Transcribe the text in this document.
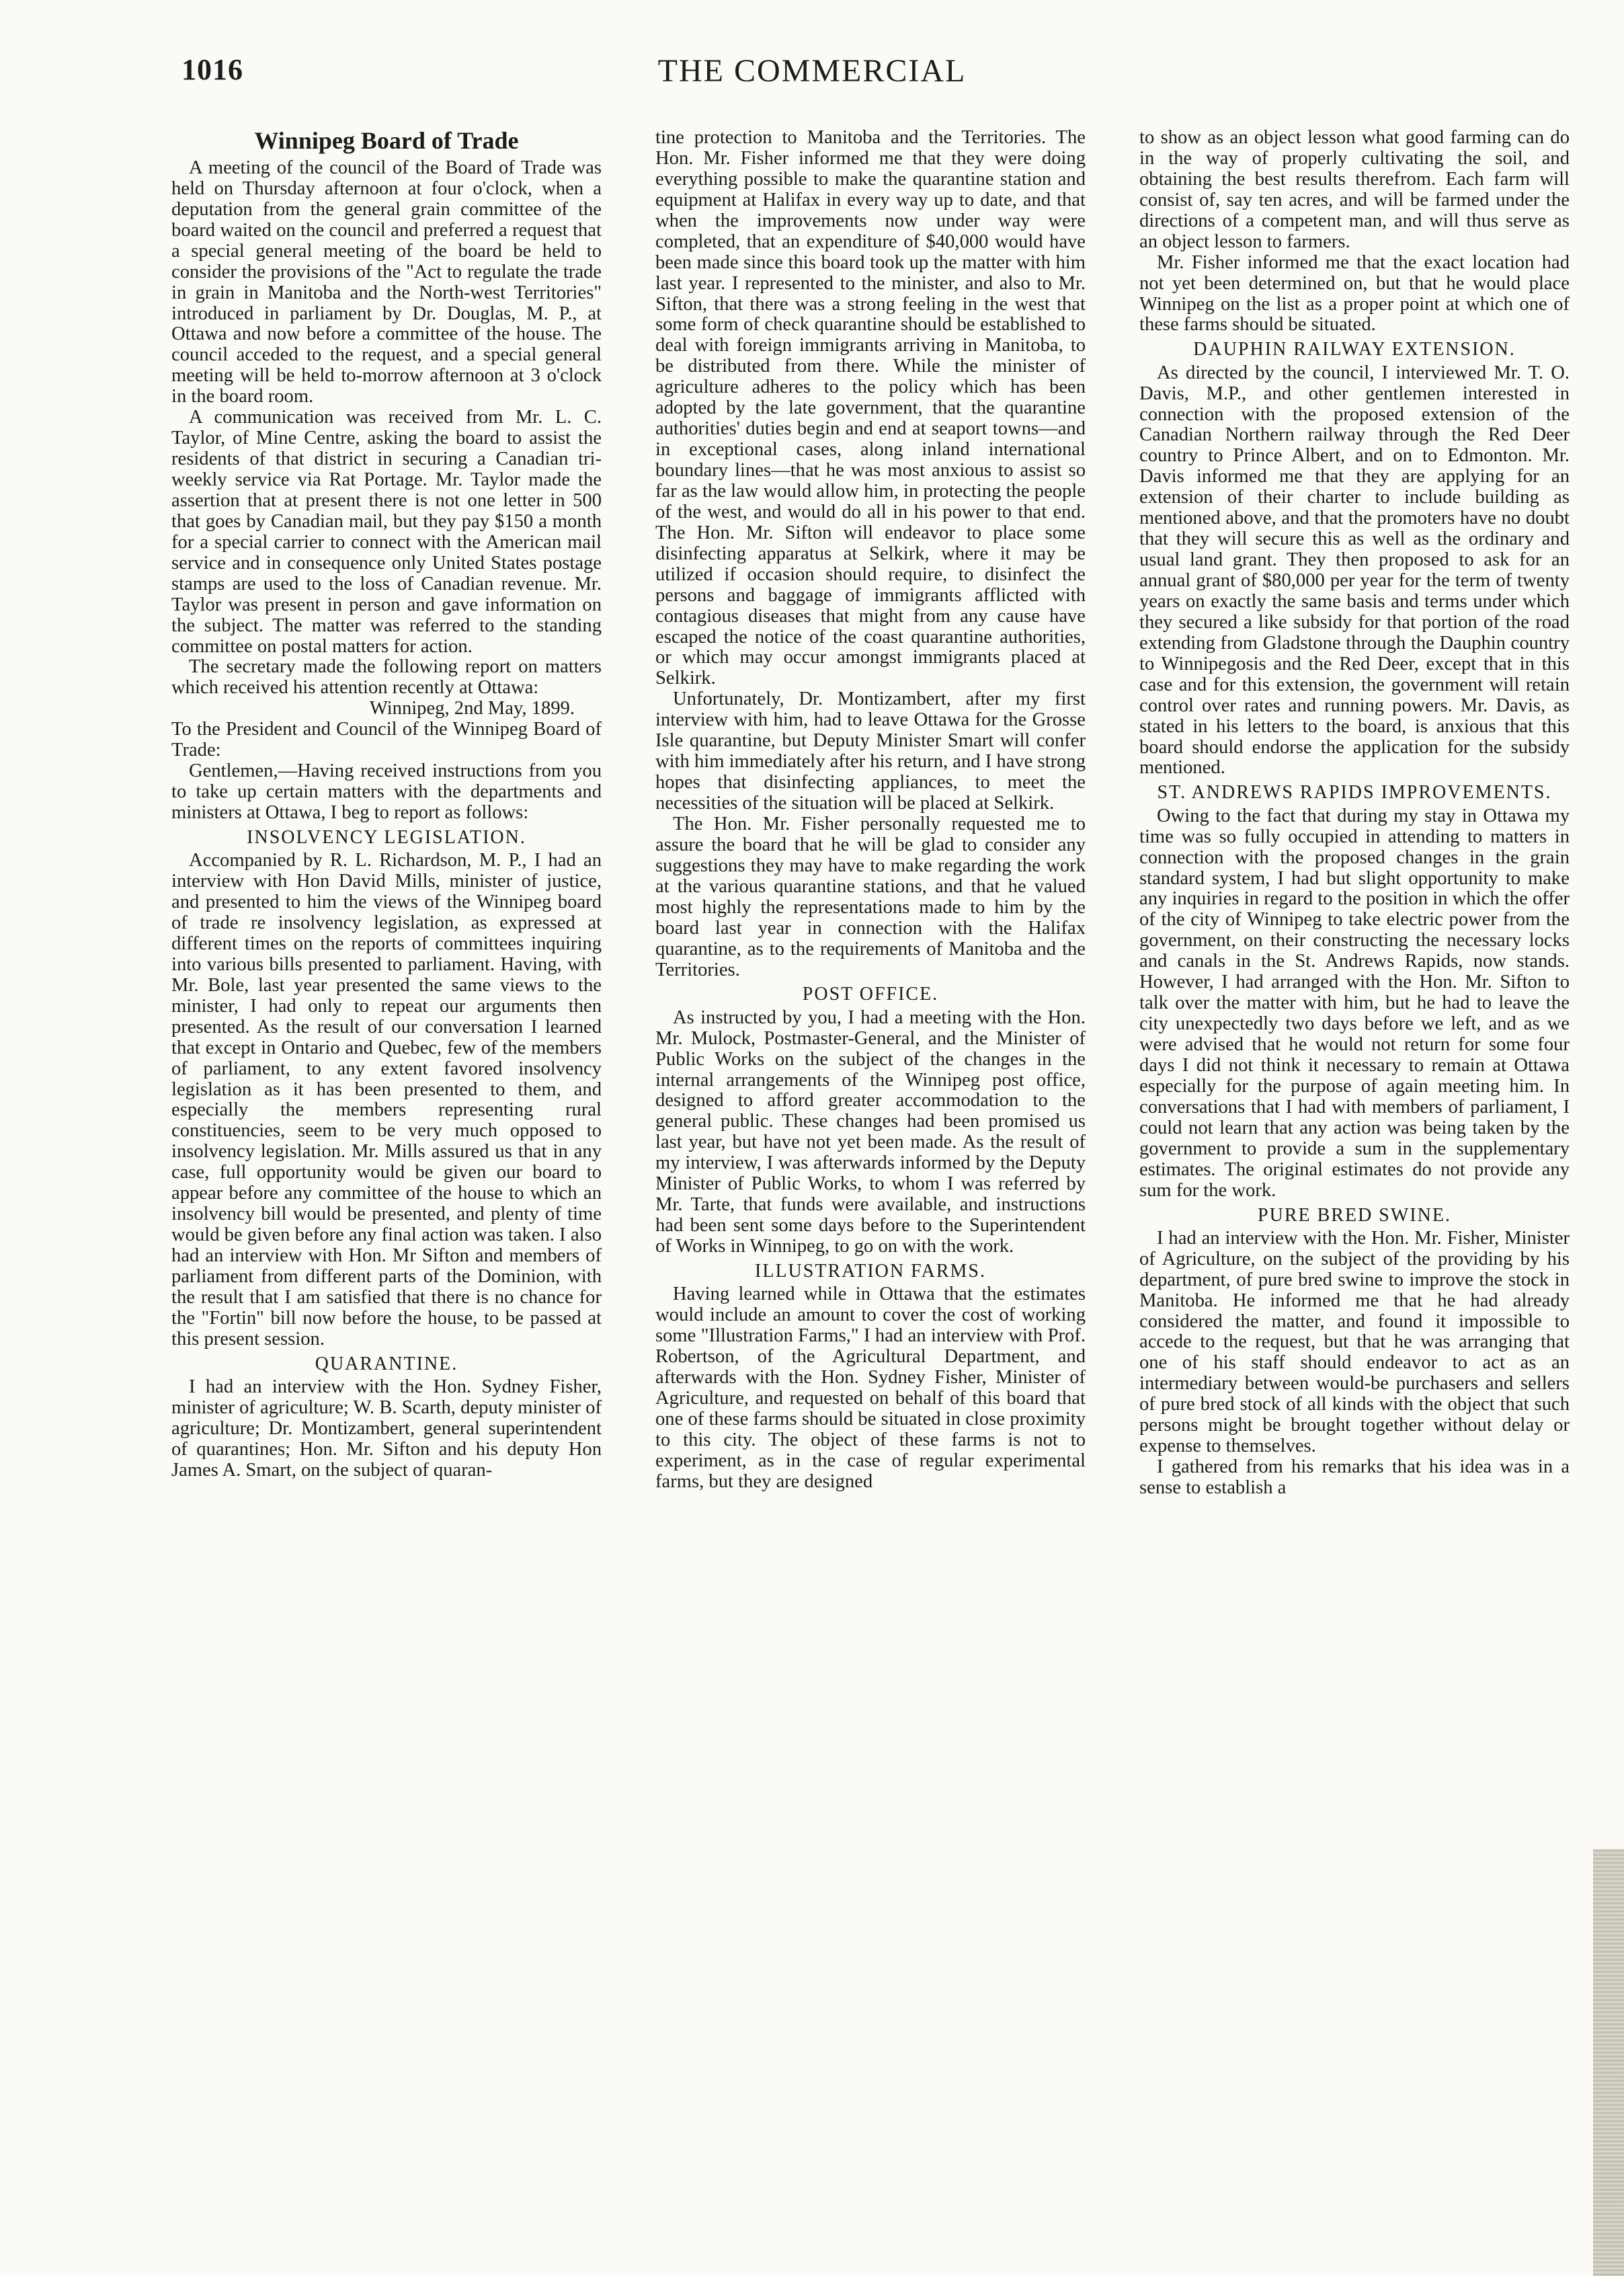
THE COMMERCIAL
1016
Winnipeg Board of Trade

A meeting of the council of the Board of Trade was held on Thursday afternoon at four o'clock, when a deputation from the general grain committee of the board waited on the council and preferred a request that a special general meeting of the board be held to consider the provisions of the "Act to regulate the trade in grain in Manitoba and the North-west Territories" introduced in parliament by Dr. Douglas, M. P., at Ottawa and now before a committee of the house. The council acceded to the request, and a special general meeting will be held to-morrow afternoon at 3 o'clock in the board room.

A communication was received from Mr. L. C. Taylor, of Mine Centre, asking the board to assist the residents of that district in securing a Canadian tri-weekly service via Rat Portage. Mr. Taylor made the assertion that at present there is not one letter in 500 that goes by Canadian mail, but they pay $150 a month for a special carrier to connect with the American mail service and in consequence only United States postage stamps are used to the loss of Canadian revenue. Mr. Taylor was present in person and gave information on the subject. The matter was referred to the standing committee on postal matters for action.

The secretary made the following report on matters which received his attention recently at Ottawa:

Winnipeg, 2nd May, 1899.

To the President and Council of the Winnipeg Board of Trade:

Gentlemen,—Having received instructions from you to take up certain matters with the departments and ministers at Ottawa, I beg to report as follows:

INSOLVENCY LEGISLATION.

Accompanied by R. L. Richardson, M. P., I had an interview with Hon David Mills, minister of justice, and presented to him the views of the Winnipeg board of trade re insolvency legislation, as expressed at different times on the reports of committees inquiring into various bills presented to parliament. Having, with Mr. Bole, last year presented the same views to the minister, I had only to repeat our arguments then presented. As the result of our conversation I learned that except in Ontario and Quebec, few of the members of parliament, to any extent favored insolvency legislation as it has been presented to them, and especially the members representing rural constituencies, seem to be very much opposed to insolvency legislation. Mr. Mills assured us that in any case, full opportunity would be given our board to appear before any committee of the house to which an insolvency bill would be presented, and plenty of time would be given before any final action was taken. I also had an interview with Hon. Mr Sifton and members of parliament from different parts of the Dominion, with the result that I am satisfied that there is no chance for the "Fortin" bill now before the house, to be passed at this present session.

QUARANTINE.

I had an interview with the Hon. Sydney Fisher, minister of agriculture; W. B. Scarth, deputy minister of agriculture; Dr. Montizambert, general superintendent of quarantines; Hon. Mr. Sifton and his deputy Hon James A. Smart, on the subject of quaran-

tine protection to Manitoba and the Territories. The Hon. Mr. Fisher informed me that they were doing everything possible to make the quarantine station and equipment at Halifax in every way up to date, and that when the improvements now under way were completed, that an expenditure of $40,000 would have been made since this board took up the matter with him last year. I represented to the minister, and also to Mr. Sifton, that there was a strong feeling in the west that some form of check quarantine should be established to deal with foreign immigrants arriving in Manitoba, to be distributed from there. While the minister of agriculture adheres to the policy which has been adopted by the late government, that the quarantine authorities' duties begin and end at seaport towns—and in exceptional cases, along inland international boundary lines—that he was most anxious to assist so far as the law would allow him, in protecting the people of the west, and would do all in his power to that end. The Hon. Mr. Sifton will endeavor to place some disinfecting apparatus at Selkirk, where it may be utilized if occasion should require, to disinfect the persons and baggage of immigrants afflicted with contagious diseases that might from any cause have escaped the notice of the coast quarantine authorities, or which may occur amongst immigrants placed at Selkirk.

Unfortunately, Dr. Montizambert, after my first interview with him, had to leave Ottawa for the Grosse Isle quarantine, but Deputy Minister Smart will confer with him immediately after his return, and I have strong hopes that disinfecting appliances, to meet the necessities of the situation will be placed at Selkirk.

The Hon. Mr. Fisher personally requested me to assure the board that he will be glad to consider any suggestions they may have to make regarding the work at the various quarantine stations, and that he valued most highly the representations made to him by the board last year in connection with the Halifax quarantine, as to the requirements of Manitoba and the Territories.

POST OFFICE.

As instructed by you, I had a meeting with the Hon. Mr. Mulock, Postmaster-General, and the Minister of Public Works on the subject of the changes in the internal arrangements of the Winnipeg post office, designed to afford greater accommodation to the general public. These changes had been promised us last year, but have not yet been made. As the result of my interview, I was afterwards informed by the Deputy Minister of Public Works, to whom I was referred by Mr. Tarte, that funds were available, and instructions had been sent some days before to the Superintendent of Works in Winnipeg, to go on with the work.

ILLUSTRATION FARMS.

Having learned while in Ottawa that the estimates would include an amount to cover the cost of working some "Illustration Farms," I had an interview with Prof. Robertson, of the Agricultural Department, and afterwards with the Hon. Sydney Fisher, Minister of Agriculture, and requested on behalf of this board that one of these farms should be situated in close proximity to this city. The object of these farms is not to experiment, as in the case of regular experimental farms, but they are designed

to show as an object lesson what good farming can do in the way of properly cultivating the soil, and obtaining the best results therefrom. Each farm will consist of, say ten acres, and will be farmed under the directions of a competent man, and will thus serve as an object lesson to farmers.

Mr. Fisher informed me that the exact location had not yet been determined on, but that he would place Winnipeg on the list as a proper point at which one of these farms should be situated.

DAUPHIN RAILWAY EXTENSION.

As directed by the council, I interviewed Mr. T. O. Davis, M.P., and other gentlemen interested in connection with the proposed extension of the Canadian Northern railway through the Red Deer country to Prince Albert, and on to Edmonton. Mr. Davis informed me that they are applying for an extension of their charter to include building as mentioned above, and that the promoters have no doubt that they will secure this as well as the ordinary and usual land grant. They then proposed to ask for an annual grant of $80,000 per year for the term of twenty years on exactly the same basis and terms under which they secured a like subsidy for that portion of the road extending from Gladstone through the Dauphin country to Winnipegosis and the Red Deer, except that in this case and for this extension, the government will retain control over rates and running powers. Mr. Davis, as stated in his letters to the board, is anxious that this board should endorse the application for the subsidy mentioned.

ST. ANDREWS RAPIDS IMPROVEMENTS.

Owing to the fact that during my stay in Ottawa my time was so fully occupied in attending to matters in connection with the proposed changes in the grain standard system, I had but slight opportunity to make any inquiries in regard to the position in which the offer of the city of Winnipeg to take electric power from the government, on their constructing the necessary locks and canals in the St. Andrews Rapids, now stands. However, I had arranged with the Hon. Mr. Sifton to talk over the matter with him, but he had to leave the city unexpectedly two days before we left, and as we were advised that he would not return for some four days I did not think it necessary to remain at Ottawa especially for the purpose of again meeting him. In conversations that I had with members of parliament, I could not learn that any action was being taken by the government to provide a sum in the supplementary estimates. The original estimates do not provide any sum for the work.

PURE BRED SWINE.

I had an interview with the Hon. Mr. Fisher, Minister of Agriculture, on the subject of the providing by his department, of pure bred swine to improve the stock in Manitoba. He informed me that he had already considered the matter, and found it impossible to accede to the request, but that he was arranging that one of his staff should endeavor to act as an intermediary between would-be purchasers and sellers of pure bred stock of all kinds with the object that such persons might be brought together without delay or expense to themselves.

I gathered from his remarks that his idea was in a sense to establish a
